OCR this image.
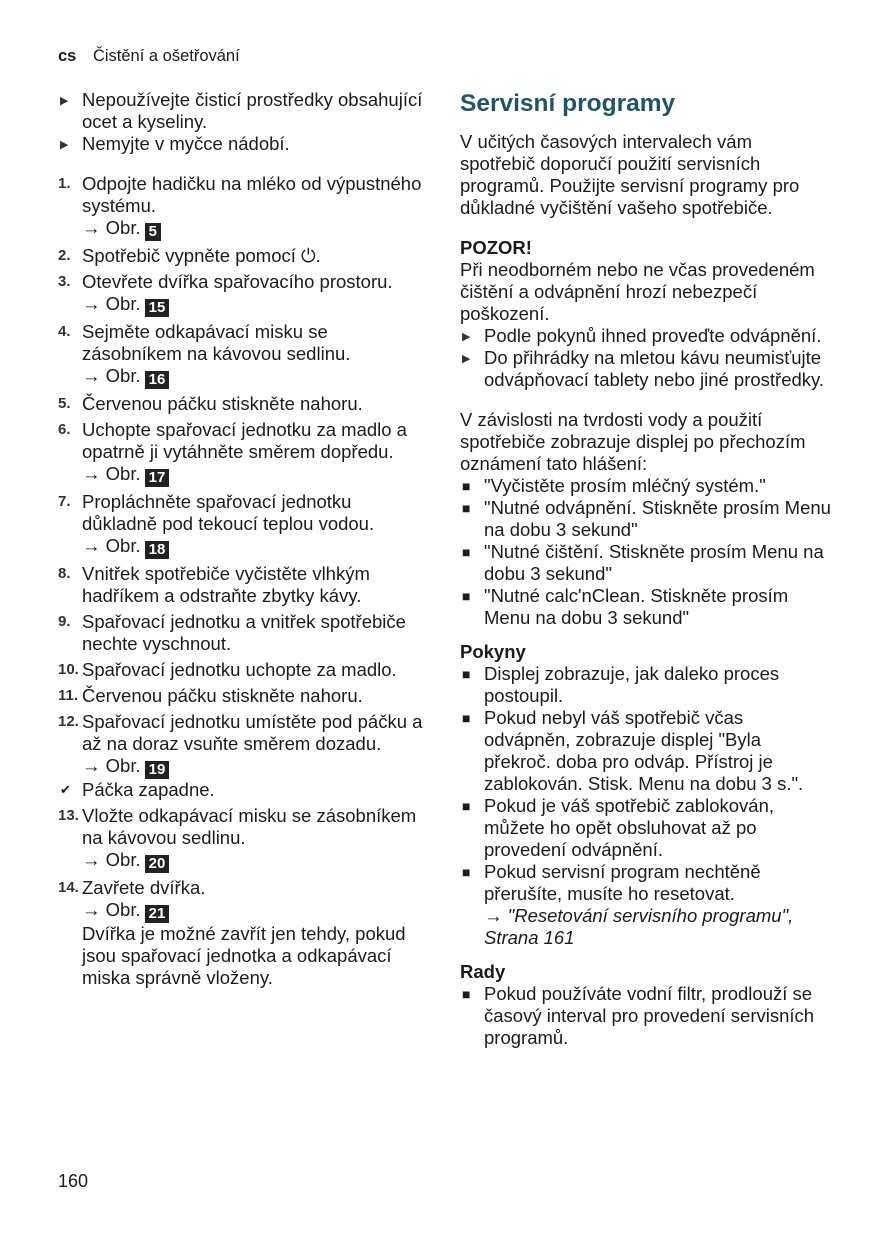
cs Čistění a ošetřování
▶ Nepoužívejte čisticí prostředky obsahující ocet a kyseliny.
▶ Nemyjte v myčce nádobí.
1. Odpojte hadičku na mléko od výpustného systému.
→ Obr. 5
2. Spotřebič vypněte pomocí ⏻.
3. Otevřete dvířka spařovacího prostoru.
→ Obr. 15
4. Sejměte odkapávací misku se zásobníkem na kávovou sedlinu.
→ Obr. 16
5. Červenou páčku stiskněte nahoru.
6. Uchopte spařovací jednotku za madlo a opatrně ji vytáhněte směrem dopředu.
→ Obr. 17
7. Propláchněte spařovací jednotku důkladně pod tekoucí teplou vodou.
→ Obr. 18
8. Vnitřek spotřebiče vyčistěte vlhkým hadříkem a odstraňte zbytky kávy.
9. Spařovací jednotku a vnitřek spotřebiče nechte vyschnout.
10. Spařovací jednotku uchopte za madlo.
11. Červenou páčku stiskněte nahoru.
12. Spařovací jednotku umístěte pod páčku a až na doraz vsuňte směrem dozadu.
→ Obr. 19
✔ Páčka zapadne.
13. Vložte odkapávací misku se zásobníkem na kávovou sedlinu.
→ Obr. 20
14. Zavřete dvířka.
→ Obr. 21
Dvířka je možné zavřít jen tehdy, pokud jsou spařovací jednotka a odkapávací miska správně vloženy.
Servisní programy
V učitých časových intervalech vám spotřebič doporučí použití servisních programů. Použijte servisní programy pro důkladné vyčištění vašeho spotřebiče.
POZOR!
Při neodborném nebo ne včas provedeném čištění a odvápnění hrozí nebezpečí poškození.
▶ Podle pokynů ihned proveďte odvápnění.
▶ Do přihrádky na mletou kávu neumisťujte odvápňovací tablety nebo jiné prostředky.
V závislosti na tvrdosti vody a použití spotřebiče zobrazuje displej po přechozím oznámení tato hlášení:
■ "Vyčistěte prosím mléčný systém."
■ "Nutné odvápnění. Stiskněte prosím Menu na dobu 3 sekund"
■ "Nutné čištění. Stiskněte prosím Menu na dobu 3 sekund"
■ "Nutné calc'nClean. Stiskněte prosím Menu na dobu 3 sekund"
Pokyny
■ Displej zobrazuje, jak daleko proces postoupil.
■ Pokud nebyl váš spotřebič včas odvápněn, zobrazuje displej "Byla překroč. doba pro odváp. Přístroj je zablokován. Stisk. Menu na dobu 3 s.".
■ Pokud je váš spotřebič zablokován, můžete ho opět obsluhovat až po provedení odvápnění.
■ Pokud servisní program nechtěně přerušíte, musíte ho resetovat.
→ "Resetování servisního programu", Strana 161
Rady
■ Pokud používáte vodní filtr, prodlouží se časový interval pro provedení servisních programů.
160
